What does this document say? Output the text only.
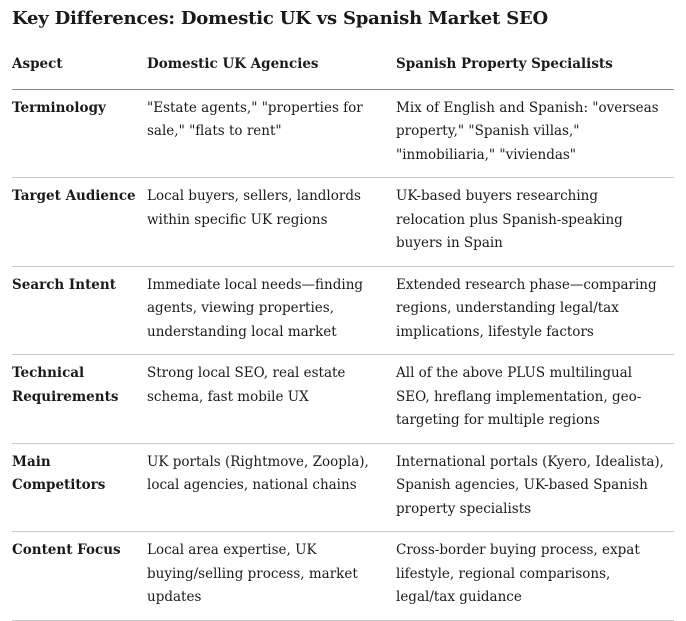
Key Differences: Domestic UK vs Spanish Market SEO
Aspect	Domestic UK Agencies	Spanish Property Specialists
Terminology	"Estate agents," "properties for sale," "flats to rent"	Mix of English and Spanish: "overseas property," "Spanish villas," "inmobiliaria," "viviendas"
Target Audience	Local buyers, sellers, landlords within specific UK regions	UK-based buyers researching relocation plus Spanish-speaking buyers in Spain
Search Intent	Immediate local needs—finding agents, viewing properties, understanding local market	Extended research phase—comparing regions, understanding legal/tax implications, lifestyle factors
Technical Requirements	Strong local SEO, real estate schema, fast mobile UX	All of the above PLUS multilingual SEO, hreflang implementation, geo-targeting for multiple regions
Main Competitors	UK portals (Rightmove, Zoopla), local agencies, national chains	International portals (Kyero, Idealista), Spanish agencies, UK-based Spanish property specialists
Content Focus	Local area expertise, UK buying/selling process, market updates	Cross-border buying process, expat lifestyle, regional comparisons, legal/tax guidance
